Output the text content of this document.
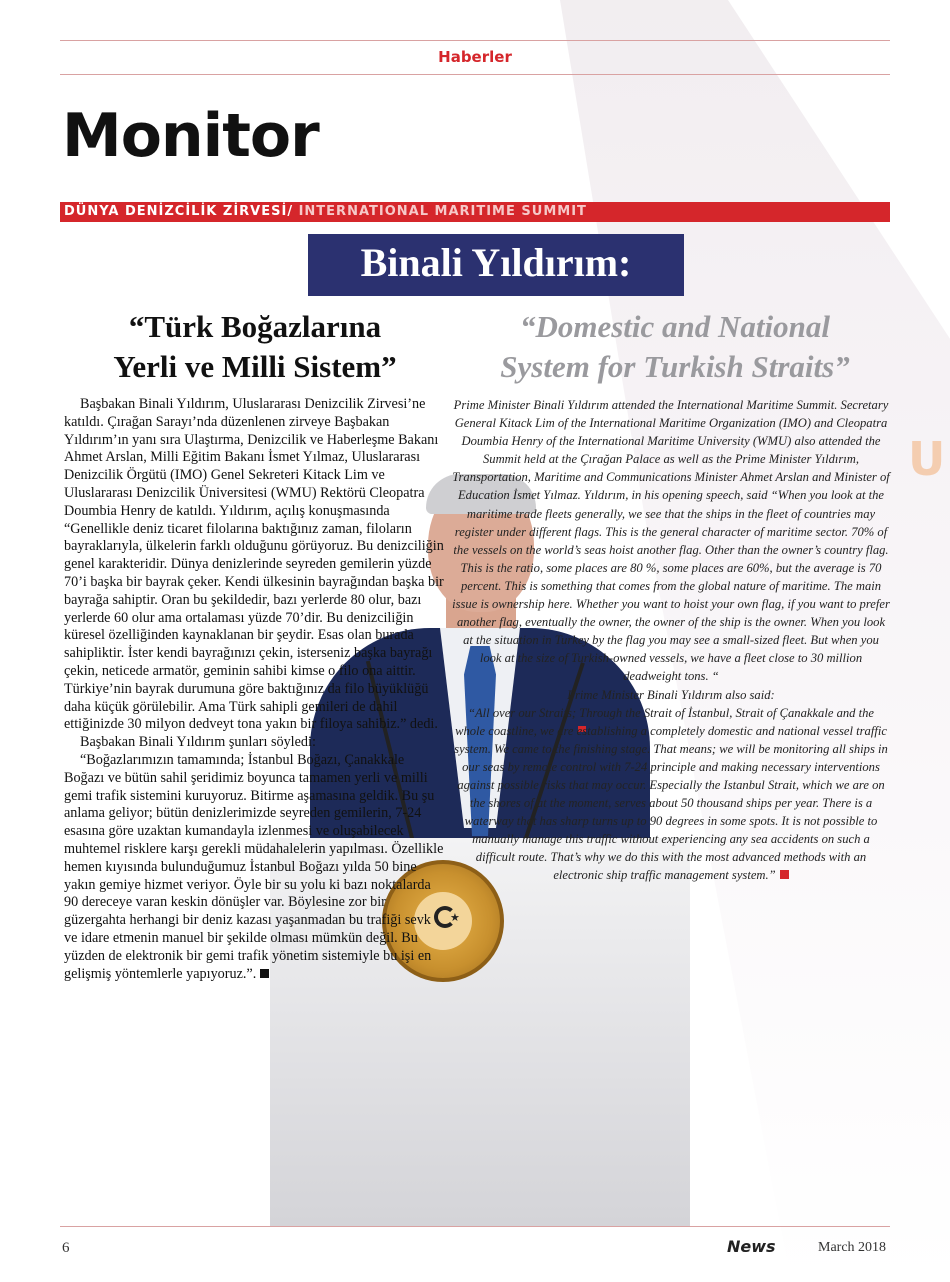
U
Haberler
Monitor
DÜNYA DENİZCİLİK ZİRVESİ/ INTERNATIONAL MARITIME SUMMIT
Binali Yıldırım:
“Türk Boğazlarına
Yerli ve Milli Sistem”
“Domestic and National
System for Turkish Straits”
★

Başbakan Binali Yıldırım, Uluslararası Denizcilik Zirvesi’ne katıldı. Çırağan Sarayı’nda düzenlenen zirveye Başbakan Yıldırım’ın yanı sıra Ulaştırma, Denizcilik ve Haberleşme Bakanı Ahmet Arslan, Milli Eğitim Bakanı İsmet Yılmaz, Uluslararası Denizcilik Örgütü (IMO) Genel Sekreteri Kitack Lim ve Uluslararası Denizcilik Üniversitesi (WMU) Rektörü Cleopatra Doumbia Henry de katıldı. Yıldırım, açılış konuşmasında “Genellikle deniz ticaret filolarına baktığınız zaman, filoların bayraklarıyla, ülkelerin farklı olduğunu görüyoruz. Bu denizciliğin genel karakteridir. Dünya denizlerinde seyreden gemilerin yüzde 70’i başka bir bayrak çeker. Kendi ülkesinin bayrağından başka bir bayrağa sahiptir. Oran bu şekildedir, bazı yerlerde 80 olur, bazı yerlerde 60 olur ama ortalaması yüzde 70’dir. Bu denizciliğin küresel özelliğinden kaynaklanan bir şeydir. Esas olan burada sahipliktir. İster kendi bayrağınızı çekin, isterseniz başka bayrağı çekin, neticede armatör, geminin sahibi kimse o filo ona aittir. Türkiye’nin bayrak durumuna göre baktığınız da filo büyüklüğü daha küçük görülebilir. Ama Türk sahipli gemileri de dahil ettiğinizde 30 milyon dedveyt tona yakın bir filoya sahibiz.” dedi.

Başbakan Binali Yıldırım şunları söyledi:

“Boğazlarımızın tamamında; İstanbul Boğazı, Çanakkale Boğazı ve bütün sahil şeridimiz boyunca tamamen yerli ve milli gemi trafik sistemini kuruyoruz. Bitirme aşamasına geldik. Bu şu anlama geliyor; bütün denizlerimizde seyreden gemilerin, 7-24 esasına göre uzaktan kumandayla izlenmesi ve oluşabilecek muhtemel risklere karşı gerekli müdahalelerin yapılması. Özellikle hemen kıyısında bulunduğumuz İstanbul Boğazı yılda 50 bine yakın gemiye hizmet veriyor. Öyle bir su yolu ki bazı noktalarda 90 dereceye varan keskin dönüşler var. Böylesine zor bir güzergahta herhangi bir deniz kazası yaşanmadan bu trafiği sevk ve idare etmenin manuel bir şekilde olması mümkün değil. Bu yüzden de elektronik bir gemi trafik yönetim sistemiyle bu işi en gelişmiş yöntemlerle yapıyoruz.”.

Prime Minister Binali Yıldırım attended the International Maritime Summit. Secretary General Kitack Lim of the International Maritime Organization (IMO) and Cleopatra Doumbia Henry of the International Maritime University (WMU) also attended the Summit held at the Çırağan Palace as well as the Prime Minister Yıldırım, Transportation, Maritime and Communications Minister Ahmet Arslan and Minister of Education İsmet Yılmaz. Yıldırım, in his opening speech, said “When you look at the maritime trade fleets generally, we see that the ships in the fleet of countries may register under different flags. This is the general character of maritime sector. 70% of the vessels on the world’s seas hoist another flag. Other than the owner’s country flag. This is the ratio, some places are 80 %, some places are 60%, but the average is 70 percent. This is something that comes from the global nature of maritime. The main issue is ownership here. Whether you want to hoist your own flag, if you want to prefer another flag, eventually the owner, the owner of the ship is the owner. When you look at the situation in Turkey by the flag you may see a small-sized fleet. But when you look at the size of Turkish-owned vessels, we have a fleet close to 30 million deadweight tons. “

Prime Minister Binali Yıldırım also said:

“All over our Straits; Through the Strait of İstanbul, Strait of Çanakkale and the whole coastline, we are establishing a completely domestic and national vessel traffic system. We came to the finishing stage. That means; we will be monitoring all ships in our seas by remote control with 7-24 principle and making necessary interventions against possible risks that may occur. Especially the Istanbul Strait, which we are on the shores of at the moment, serves about 50 thousand ships per year. There is a waterway that has sharp turns up to 90 degrees in some spots. It is not possible to manually manage this traffic without experiencing any sea accidents on such a difficult route. That’s why we do this with the most advanced methods with an electronic ship traffic management system.”

6	News	March 2018
